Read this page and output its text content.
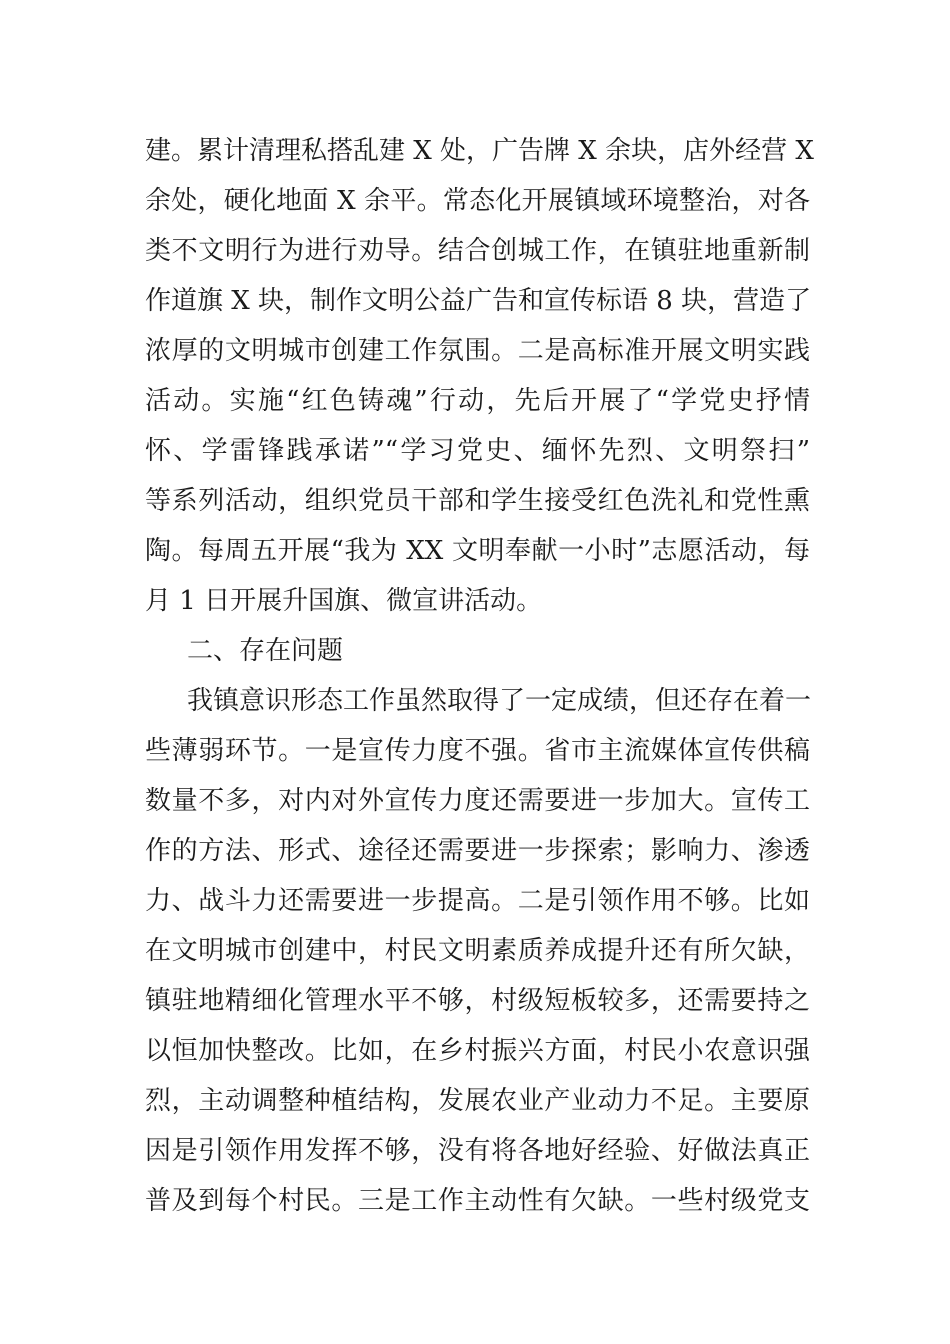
建。累计清理私搭乱建 X 处，广告牌 X 余块，店外经营 X
余处，硬化地面 X 余平。常态化开展镇域环境整治，对各
类不文明行为进行劝导。结合创城工作，在镇驻地重新制
作道旗 X 块，制作文明公益广告和宣传标语 8 块，营造了
浓厚的文明城市创建工作氛围。二是高标准开展文明实践
活动。实施“红色铸魂”行动，先后开展了“学党史抒情
怀、学雷锋践承诺”“学习党史、缅怀先烈、文明祭扫”
等系列活动，组织党员干部和学生接受红色洗礼和党性熏
陶。每周五开展“我为 XX 文明奉献一小时”志愿活动，每
月 1 日开展升国旗、微宣讲活动。
二、存在问题
我镇意识形态工作虽然取得了一定成绩，但还存在着一
些薄弱环节。一是宣传力度不强。省市主流媒体宣传供稿
数量不多，对内对外宣传力度还需要进一步加大。宣传工
作的方法、形式、途径还需要进一步探索；影响力、渗透
力、战斗力还需要进一步提高。二是引领作用不够。比如
在文明城市创建中，村民文明素质养成提升还有所欠缺，
镇驻地精细化管理水平不够，村级短板较多，还需要持之
以恒加快整改。比如，在乡村振兴方面，村民小农意识强
烈，主动调整种植结构，发展农业产业动力不足。主要原
因是引领作用发挥不够，没有将各地好经验、好做法真正
普及到每个村民。三是工作主动性有欠缺。一些村级党支
